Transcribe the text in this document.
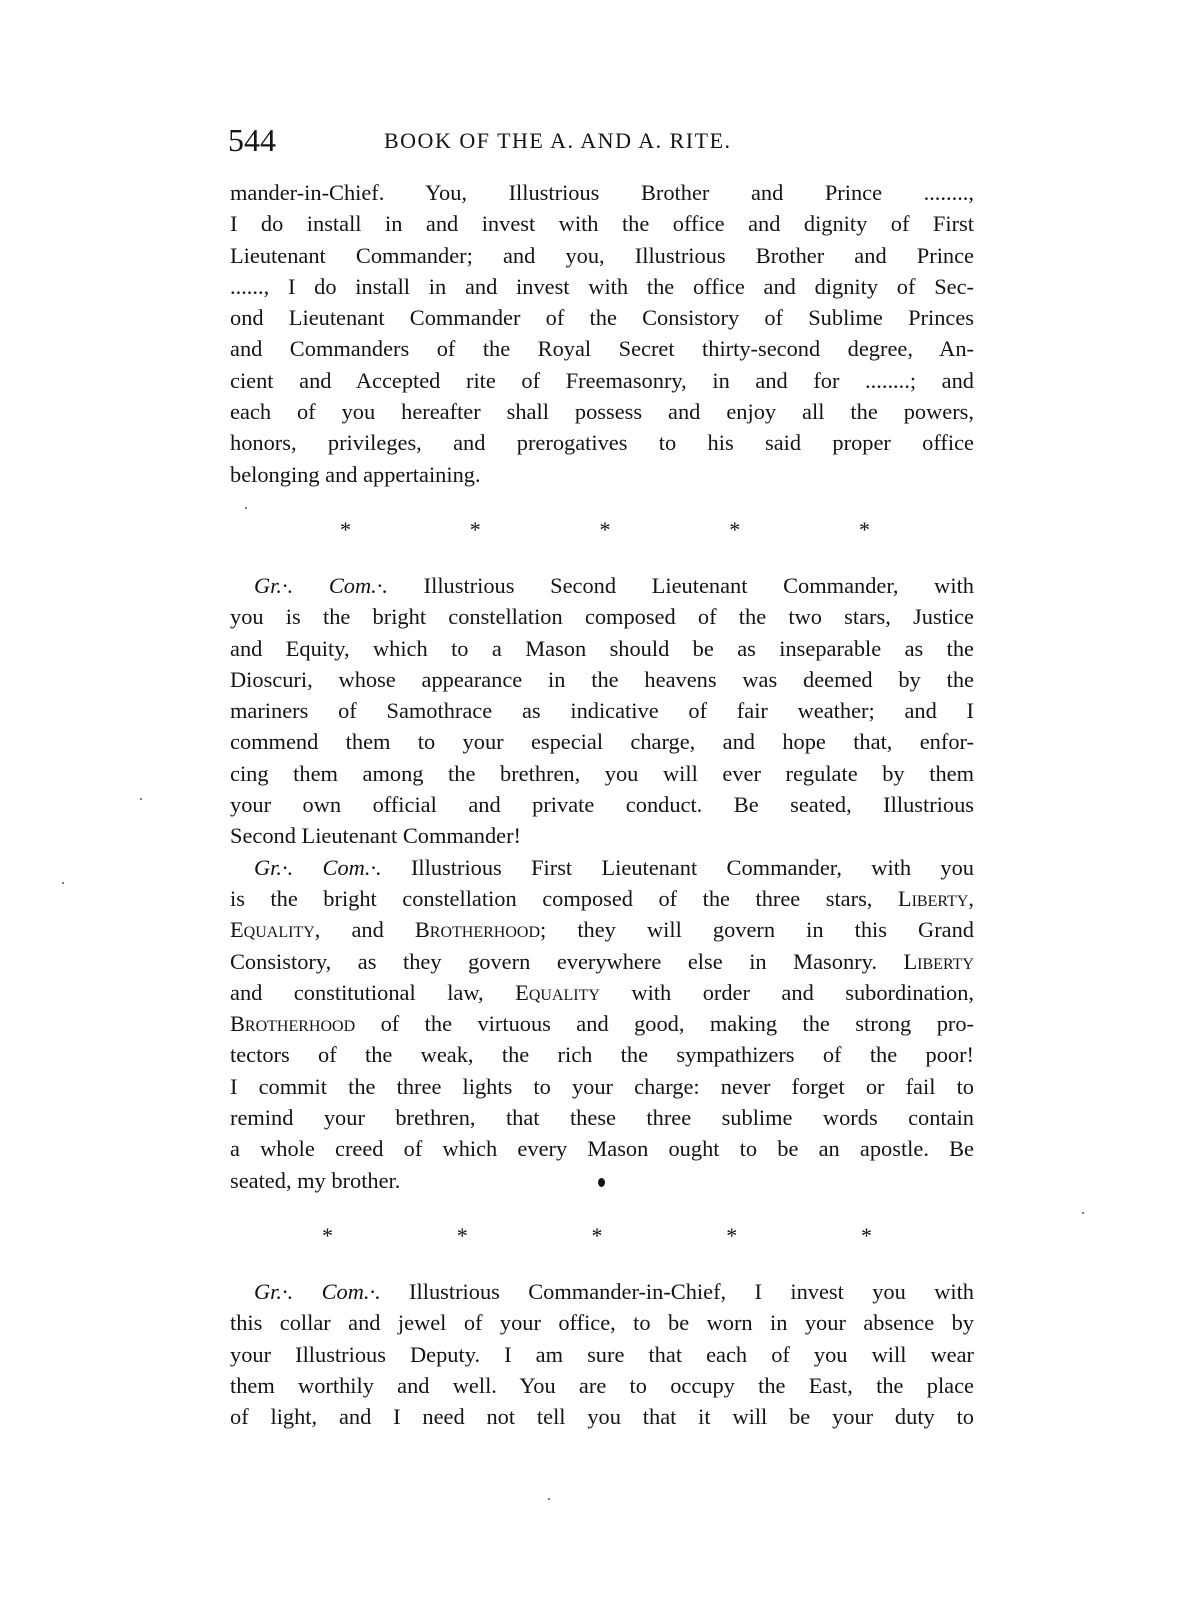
544	BOOK OF THE A. AND A. RITE.
mander-in-Chief. You, Illustrious Brother and Prince ........,
I do install in and invest with the office and dignity of First
Lieutenant Commander; and you, Illustrious Brother and Prince
......, I do install in and invest with the office and dignity of Sec-
ond Lieutenant Commander of the Consistory of Sublime Princes
and Commanders of the Royal Secret thirty-second degree, An-
cient and Accepted rite of Freemasonry, in and for ........; and
each of you hereafter shall possess and enjoy all the powers,
honors, privileges, and prerogatives to his said proper office
belonging and appertaining.
*	*	*	*	*
Gr.·. Com.·. Illustrious Second Lieutenant Commander, with
you is the bright constellation composed of the two stars, Justice
and Equity, which to a Mason should be as inseparable as the
Dioscuri, whose appearance in the heavens was deemed by the
mariners of Samothrace as indicative of fair weather; and I
commend them to your especial charge, and hope that, enfor-
cing them among the brethren, you will ever regulate by them
your own official and private conduct. Be seated, Illustrious
Second Lieutenant Commander!
Gr.·. Com.·. Illustrious First Lieutenant Commander, with you
is the bright constellation composed of the three stars, Liberty,
Equality, and Brotherhood; they will govern in this Grand
Consistory, as they govern everywhere else in Masonry. Liberty
and constitutional law, Equality with order and subordination,
Brotherhood of the virtuous and good, making the strong pro-
tectors of the weak, the rich the sympathizers of the poor!
I commit the three lights to your charge: never forget or fail to
remind your brethren, that these three sublime words contain
a whole creed of which every Mason ought to be an apostle. Be
seated, my brother.
*	*	*	*	*
Gr.·. Com.·. Illustrious Commander-in-Chief, I invest you with
this collar and jewel of your office, to be worn in your absence by
your Illustrious Deputy. I am sure that each of you will wear
them worthily and well. You are to occupy the East, the place
of light, and I need not tell you that it will be your duty to
